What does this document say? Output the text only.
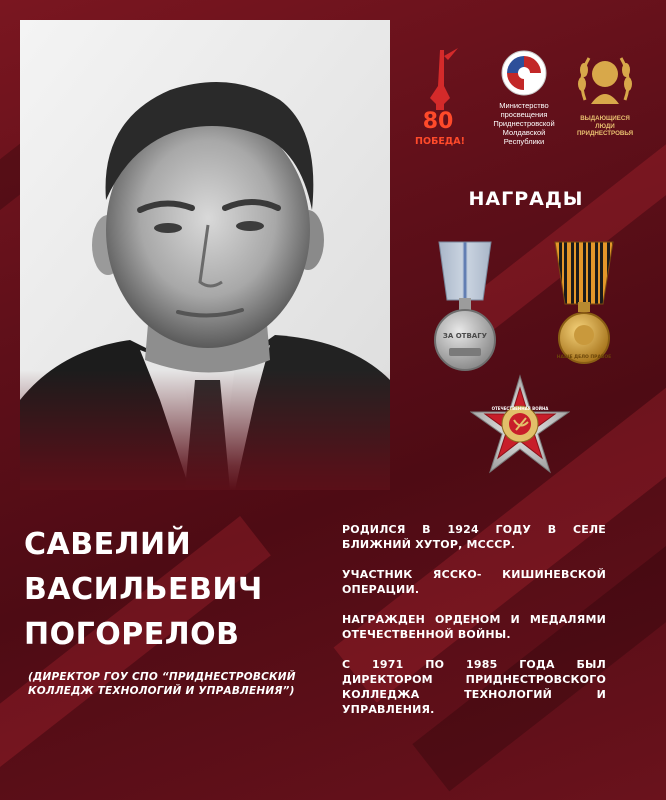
80
ПОБЕДА!
Министерство
просвещения
Приднестровской
Молдавской
Республики
ВЫДАЮЩИЕСЯ
ЛЮДИ
ПРИДНЕСТРОВЬЯ
НАГРАДЫ
ЗА ОТВАГУ
НАШЕ ДЕЛО ПРАВОЕ
ОТЕЧЕСТВЕННАЯ ВОЙНА
САВЕЛИЙ
ВАСИЛЬЕВИЧ
ПОГОРЕЛОВ
(ДИРЕКТОР ГОУ СПО “ПРИДНЕСТРОВСКИЙ
КОЛЛЕДЖ ТЕХНОЛОГИЙ И УПРАВЛЕНИЯ”)

РОДИЛСЯ В 1924 ГОДУ В СЕЛЕ БЛИЖНИЙ ХУТОР, МССCР.

УЧАСТНИК ЯССКО- КИШИНЕВСКОЙ ОПЕРАЦИИ.

НАГРАЖДЕН ОРДЕНОМ И МЕДАЛЯМИ ОТЕЧЕСТВЕННОЙ ВОЙНЫ.

С 1971 ПО 1985 ГОДА БЫЛ ДИРЕКТОРОМ ПРИДНЕСТРОВСКОГО КОЛЛЕДЖА ТЕХНОЛОГИЙ И УПРАВЛЕНИЯ.
